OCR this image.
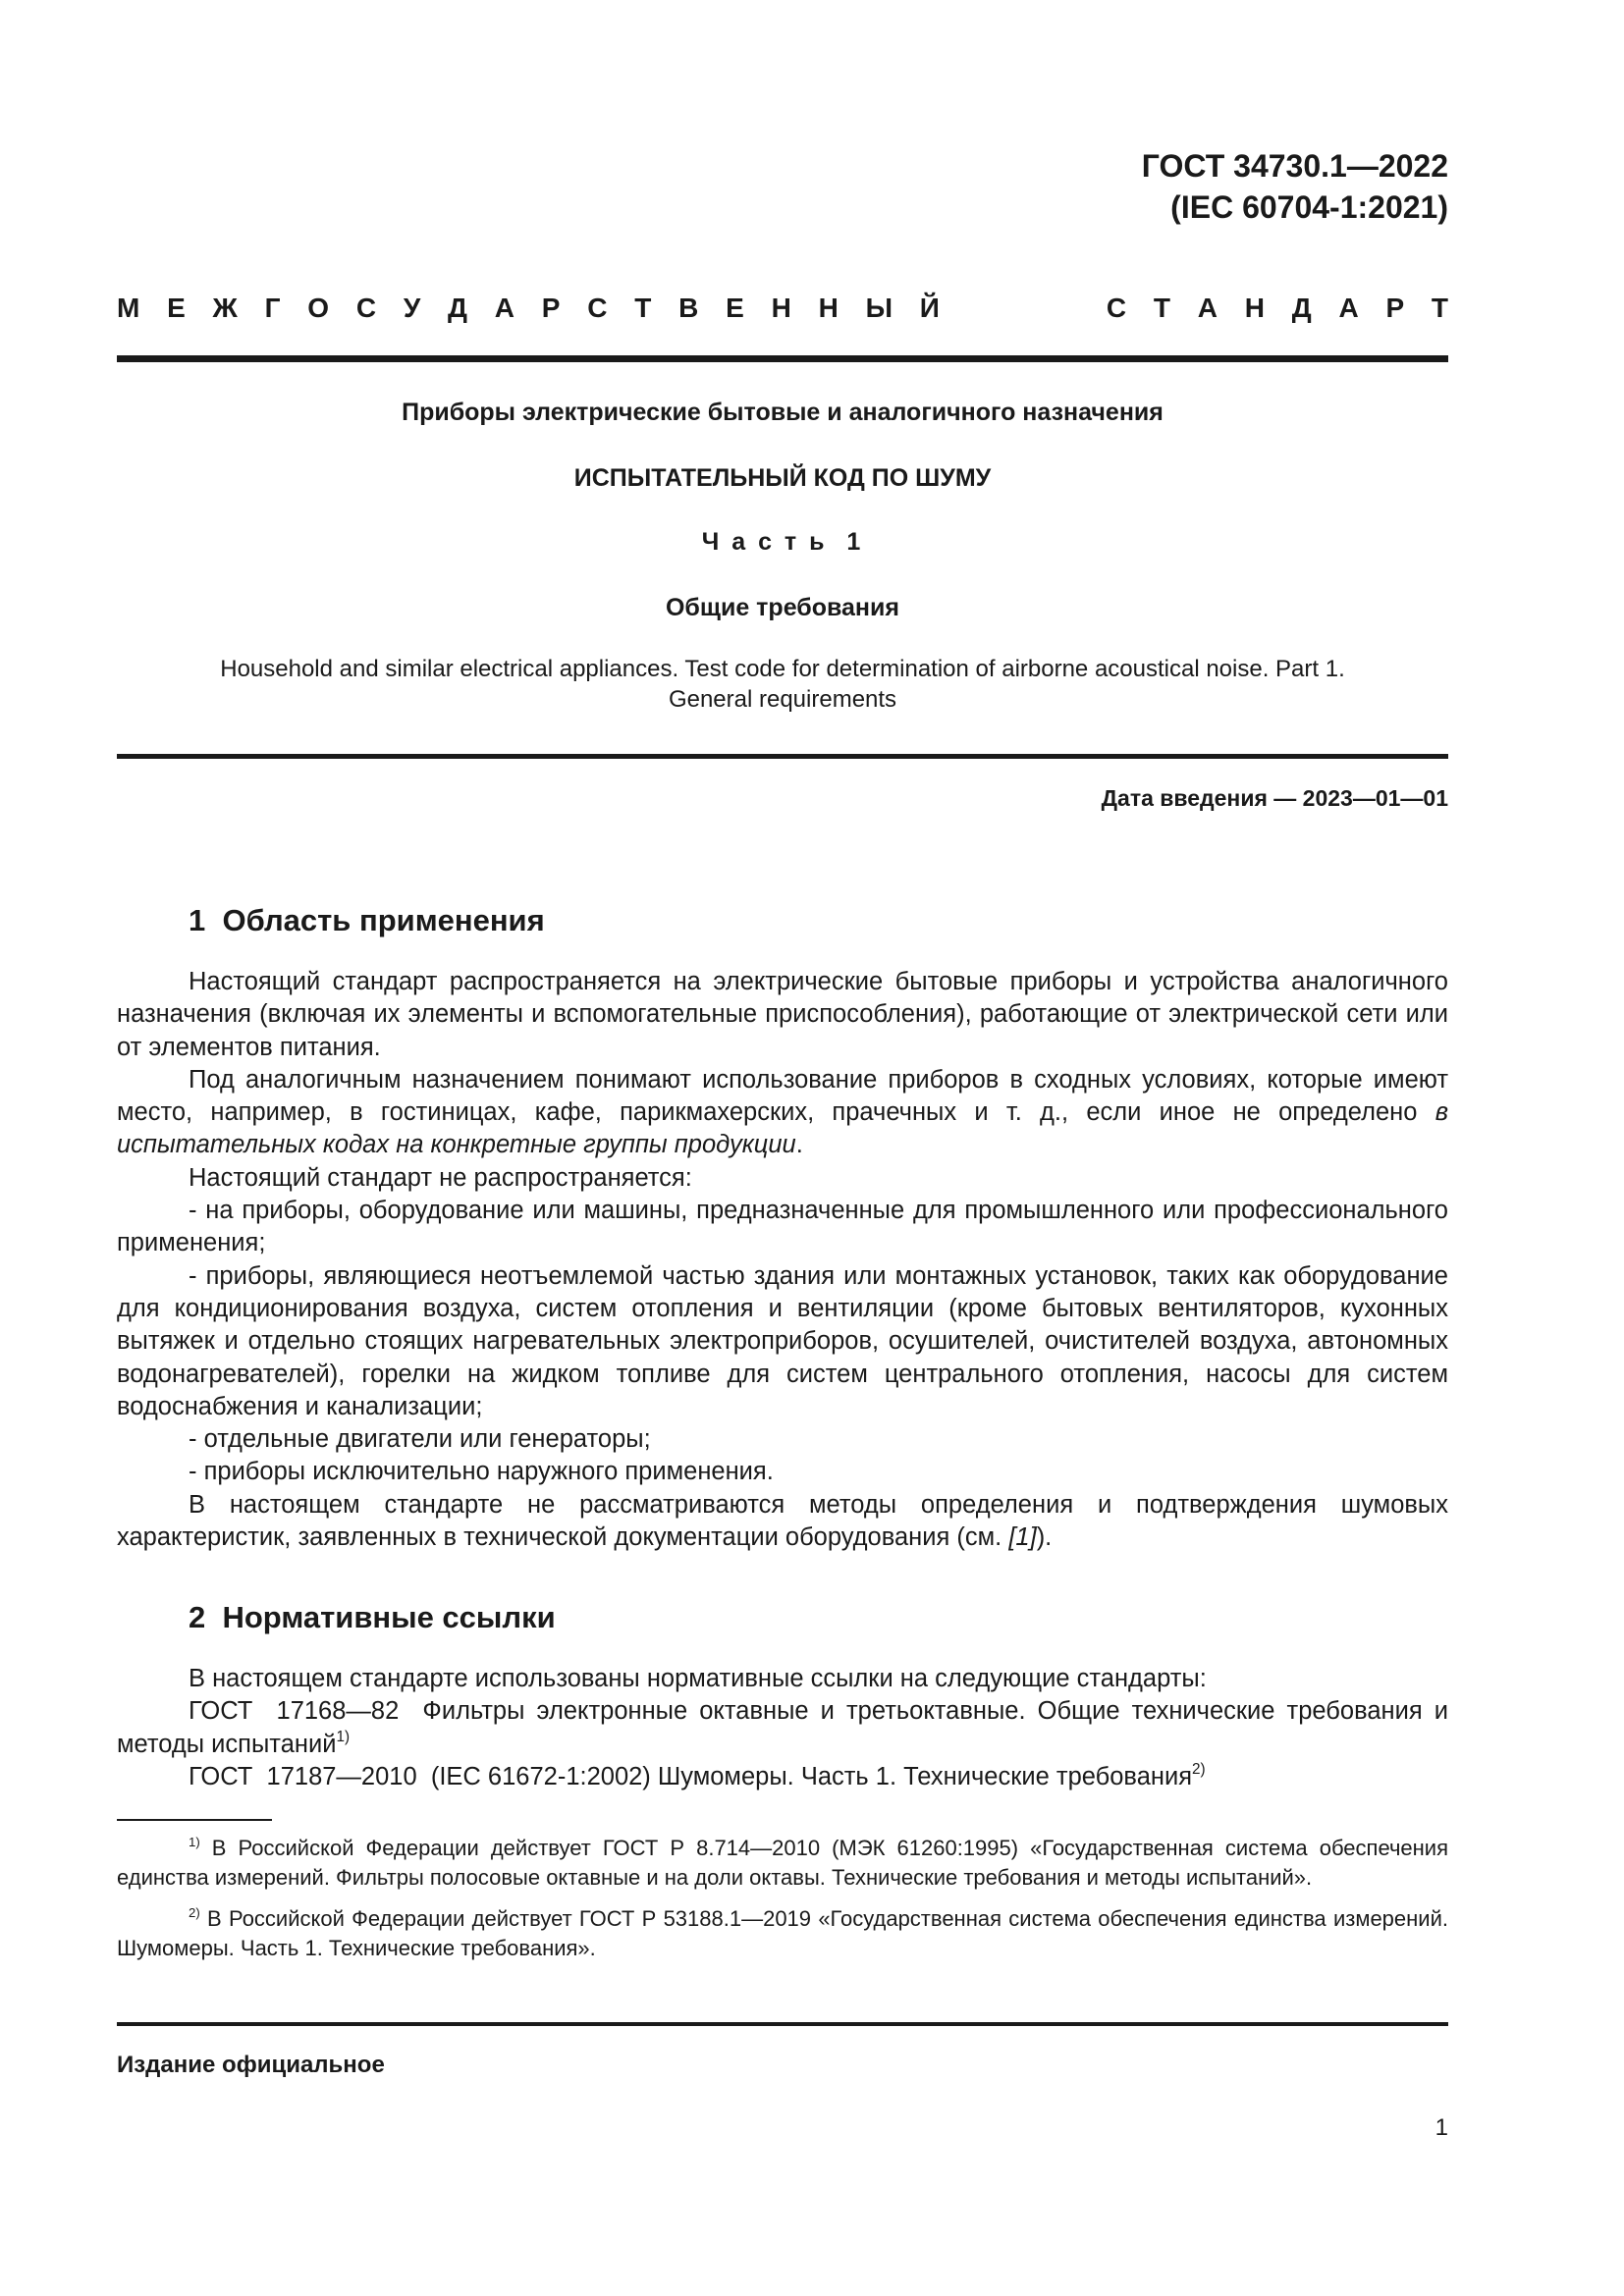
ГОСТ 34730.1—2022
(IEC 60704-1:2021)
М Е Ж Г О С У Д А Р С Т В Е Н Н Ы Й	С Т А Н Д А Р Т
Приборы электрические бытовые и аналогичного назначения
ИСПЫТАТЕЛЬНЫЙ КОД ПО ШУМУ
Ч а с т ь  1
Общие требования
Household and similar electrical appliances. Test code for determination of airborne acoustical noise. Part 1.
General requirements
Дата введения — 2023—01—01
1  Область применения

Настоящий стандарт распространяется на электрические бытовые приборы и устройства аналогичного назначения (включая их элементы и вспомогательные приспособления), работающие от электрической сети или от элементов питания.

Под аналогичным назначением понимают использование приборов в сходных условиях, которые имеют место, например, в гостиницах, кафе, парикмахерских, прачечных и т. д., если иное не определено в испытательных кодах на конкретные группы продукции.

Настоящий стандарт не распространяется:

- на приборы, оборудование или машины, предназначенные для промышленного или профессионального применения;

- приборы, являющиеся неотъемлемой частью здания или монтажных установок, таких как оборудование для кондиционирования воздуха, систем отопления и вентиляции (кроме бытовых вентиляторов, кухонных вытяжек и отдельно стоящих нагревательных электроприборов, осушителей, очистителей воздуха, автономных водонагревателей), горелки на жидком топливе для систем центрального отопления, насосы для систем водоснабжения и канализации;

- отдельные двигатели или генераторы;

- приборы исключительно наружного применения.

В настоящем стандарте не рассматриваются методы определения и подтверждения шумовых характеристик, заявленных в технической документации оборудования (см. [1]).

2  Нормативные ссылки

В настоящем стандарте использованы нормативные ссылки на следующие стандарты:

ГОСТ  17168—82  Фильтры электронные октавные и третьоктавные. Общие технические требования и методы испытаний$^{1)}$

ГОСТ  17187—2010  (IEC 61672-1:2002) Шумомеры. Часть 1. Технические требования$^{2)}$

$^{1)}$ В Российской Федерации действует ГОСТ Р 8.714—2010 (МЭК 61260:1995) «Государственная система обеспечения единства измерений. Фильтры полосовые октавные и на доли октавы. Технические требования и методы испытаний».

$^{2)}$ В Российской Федерации действует ГОСТ Р 53188.1—2019 «Государственная система обеспечения единства измерений. Шумомеры. Часть 1. Технические требования».

Издание официальное
1
